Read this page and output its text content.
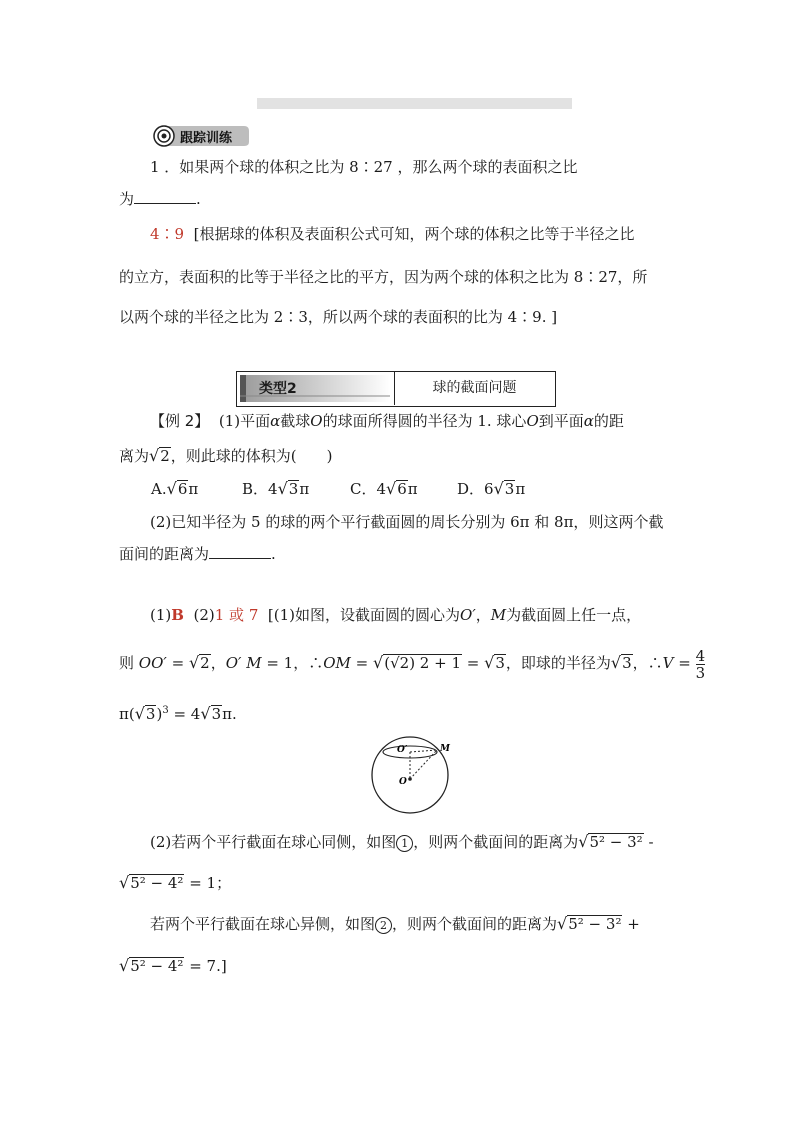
跟踪训练
1 ．如果两个球的体积之比为 8∶27 ，那么两个球的表面积之比
为	.
4∶9 [根据球的体积及表面积公式可知，两个球的体积之比等于半径之比
的立方，表面积的比等于半径之比的平方，因为两个球的体积之比为 8∶27，所
以两个球的半径之比为 2∶3，所以两个球的表面积的比为 4∶9. ]
类型2	球的截面问题
【例 2】 (1)平面α截球O的球面所得圆的半径为 1. 球心O到平面α的距
离为√2，则此球的体积为(　　)
A.√6π	B．4√3π	C．4√6π	D．6√3π
(2)已知半径为 5 的球的两个平行截面圆的周长分别为 6π 和 8π，则这两个截
面间的距离为	.
(1)B (2)1 或 7 [(1)如图，设截面圆的圆心为O′，M为截面圆上任一点，
则 OO′ = √2，O′ M = 1，∴OM = √(√2) 2 + 1 = √3，即球的半径为√3，∴V = $\frac{4}{3}$
$\pi(√3)^3 = 4√3\pi$.
O′
O
M
(2)若两个平行截面在球心同侧，如图 1 ，则两个截面间的距离为√5² − 3² -
√5² − 4² = 1；
若两个平行截面在球心异侧，如图 2 ，则两个截面间的距离为√5² − 3² +
√5² − 4² = 7.]
